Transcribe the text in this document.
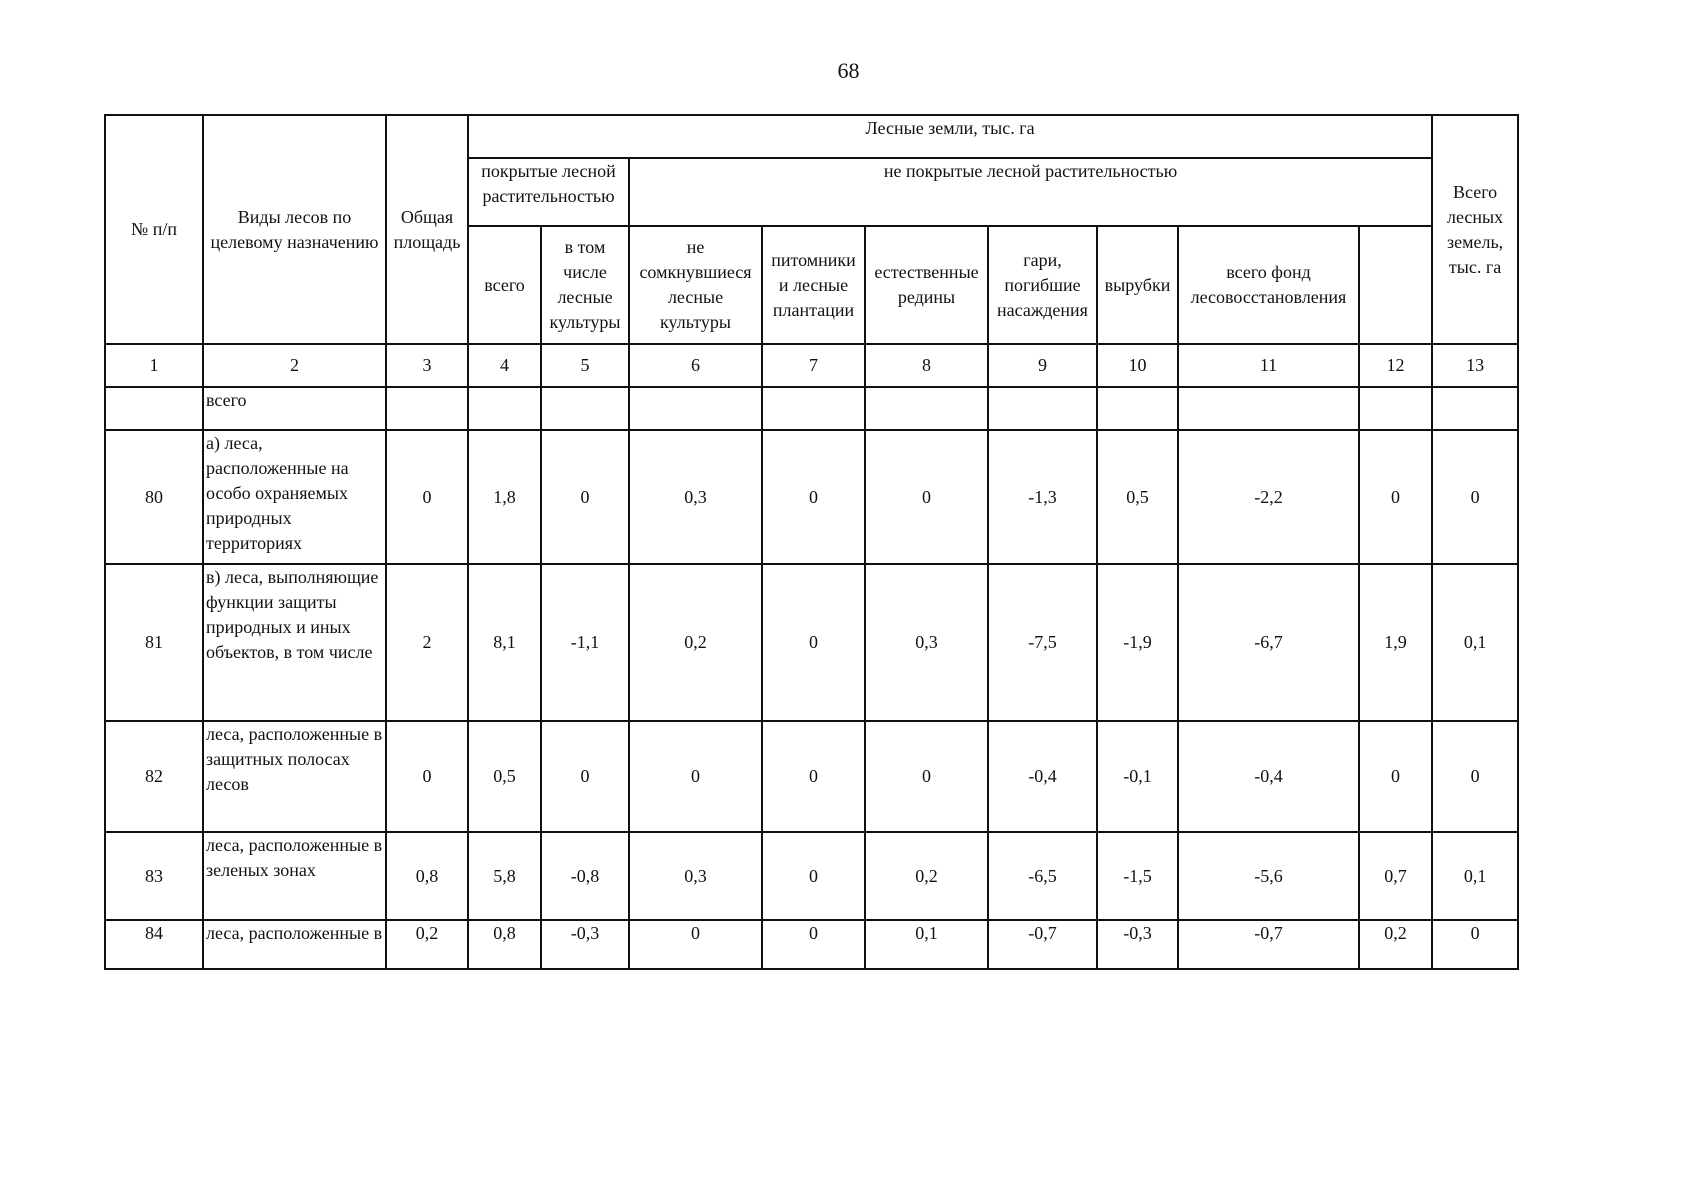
68
№ п/п	Виды лесов по целевому назначению	Общая площадь	Лесные земли, тыс. га									Всего лесных земель, тыс. га	
			покрытые лесной растительностью		не покрытые лесной растительностью								
			всего	в том числе лесные культуры	не сомкнувшиеся лесные культуры	питомники и лесные плантации	естественные редины	гари, погибшие насаждения	вырубки	всего фонд лесовосстановления			
1	2	3	4	5	6	7	8	9	10	11	12	13	
	всего												
80	а) леса, расположенные на особо охраняемых природных территориях	0	1,8	0	0,3	0	0	-1,3	0,5	-2,2	0	0	
81	в) леса, выполняющие функции защиты природных и иных объектов, в том числе	2	8,1	-1,1	0,2	0	0,3	-7,5	-1,9	-6,7	1,9	0,1	
82	леса, расположенные в защитных полосах лесов	0	0,5	0	0	0	0	-0,4	-0,1	-0,4	0	0	
83	леса, расположенные в зеленых зонах	0,8	5,8	-0,8	0,3	0	0,2	-6,5	-1,5	-5,6	0,7	0,1	
84	леса, расположенные в	0,2	0,8	-0,3	0	0	0,1	-0,7	-0,3	-0,7	0,2	0	
